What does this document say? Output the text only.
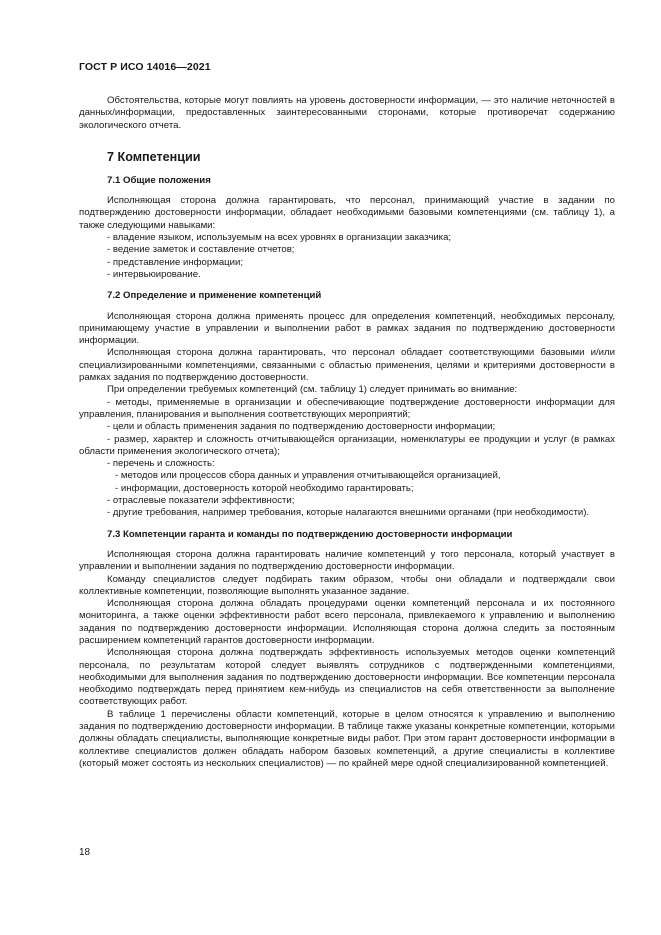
ГОСТ Р ИСО 14016—2021

Обстоятельства, которые могут повлиять на уровень достоверности информации, — это наличие неточностей в данных/информации, предоставленных заинтересованными сторонами, которые противоречат содержанию экологического отчета.

7 Компетенции
7.1 Общие положения

Исполняющая сторона должна гарантировать, что персонал, принимающий участие в задании по подтверждению достоверности информации, обладает необходимыми базовыми компетенциями (см. таблицу 1), а также следующими навыками:

- владение языком, используемым на всех уровнях в организации заказчика;

- ведение заметок и составление отчетов;

- представление информации;

- интервьюирование.

7.2 Определение и применение компетенций

Исполняющая сторона должна применять процесс для определения компетенций, необходимых персоналу, принимающему участие в управлении и выполнении работ в рамках задания по подтверждению достоверности информации.

Исполняющая сторона должна гарантировать, что персонал обладает соответствующими базовыми и/или специализированными компетенциями, связанными с областью применения, целями и критериями достоверности в рамках задания по подтверждению достоверности.

При определении требуемых компетенций (см. таблицу 1) следует принимать во внимание:

- методы, применяемые в организации и обеспечивающие подтверждение достоверности информации для управления, планирования и выполнения соответствующих мероприятий;

- цели и область применения задания по подтверждению достоверности информации;

- размер, характер и сложность отчитывающейся организации, номенклатуры ее продукции и услуг (в рамках области применения экологического отчета);

- перечень и сложность:

- методов или процессов сбора данных и управления отчитывающейся организацией,

- информации, достоверность которой необходимо гарантировать;

- отраслевые показатели эффективности;

- другие требования, например требования, которые налагаются внешними органами (при необходимости).

7.3 Компетенции гаранта и команды по подтверждению достоверности информации

Исполняющая сторона должна гарантировать наличие компетенций у того персонала, который участвует в управлении и выполнении задания по подтверждению достоверности информации.

Команду специалистов следует подбирать таким образом, чтобы они обладали и подтверждали свои коллективные компетенции, позволяющие выполнять указанное задание.

Исполняющая сторона должна обладать процедурами оценки компетенций персонала и их постоянного мониторинга, а также оценки эффективности работ всего персонала, привлекаемого к управлению и выполнению задания по подтверждению достоверности информации. Исполняющая сторона должна следить за постоянным расширением компетенций гарантов достоверности информации.

Исполняющая сторона должна подтверждать эффективность используемых методов оценки компетенций персонала, по результатам которой следует выявлять сотрудников с подтвержденными компетенциями, необходимыми для выполнения задания по подтверждению достоверности информации. Все компетенции персонала необходимо подтверждать перед принятием кем-нибудь из специалистов на себя ответственности за выполнение соответствующих работ.

В таблице 1 перечислены области компетенций, которые в целом относятся к управлению и выполнению задания по подтверждению достоверности информации. В таблице также указаны конкретные компетенции, которыми должны обладать специалисты, выполняющие конкретные виды работ. При этом гарант достоверности информации в коллективе специалистов должен обладать набором базовых компетенций, а другие специалисты в коллективе (который может состоять из нескольких специалистов) — по крайней мере одной специализированной компетенцией.

18
